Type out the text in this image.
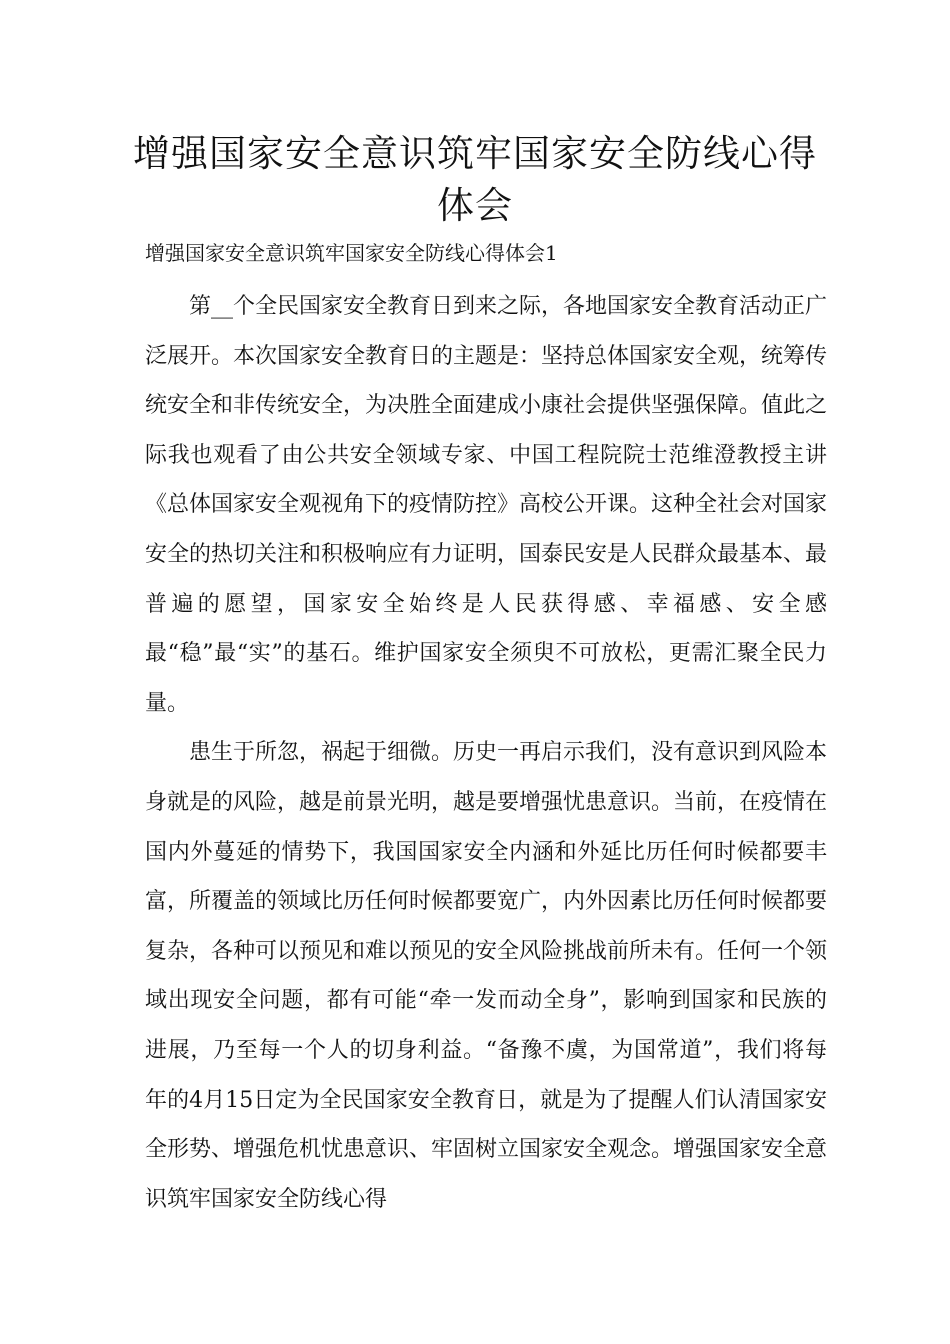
增强国家安全意识筑牢国家安全防线心得体会
增强国家安全意识筑牢国家安全防线心得体会1

第__个全民国家安全教育日到来之际，各地国家安全教育活动正广泛展开。本次国家安全教育日的主题是：坚持总体国家安全观，统筹传统安全和非传统安全，为决胜全面建成小康社会提供坚强保障。值此之际我也观看了由公共安全领域专家、中国工程院院士范维澄教授主讲《总体国家安全观视角下的疫情防控》高校公开课。这种全社会对国家安全的热切关注和积极响应有力证明，国泰民安是人民群众最基本、最普遍的愿望，国家安全始终是人民获得感、幸福感、安全感最“稳”最“实”的基石。维护国家安全须臾不可放松，更需汇聚全民力量。

患生于所忽，祸起于细微。历史一再启示我们，没有意识到风险本身就是的风险，越是前景光明，越是要增强忧患意识。当前，在疫情在国内外蔓延的情势下，我国国家安全内涵和外延比历任何时候都要丰富，所覆盖的领域比历任何时候都要宽广，内外因素比历任何时候都要复杂，各种可以预见和难以预见的安全风险挑战前所未有。任何一个领域出现安全问题，都有可能“牵一发而动全身”，影响到国家和民族的进展，乃至每一个人的切身利益。“备豫不虞，为国常道”，我们将每年的4月15日定为全民国家安全教育日，就是为了提醒人们认清国家安全形势、增强危机忧患意识、牢固树立国家安全观念。增强国家安全意识筑牢国家安全防线心得
